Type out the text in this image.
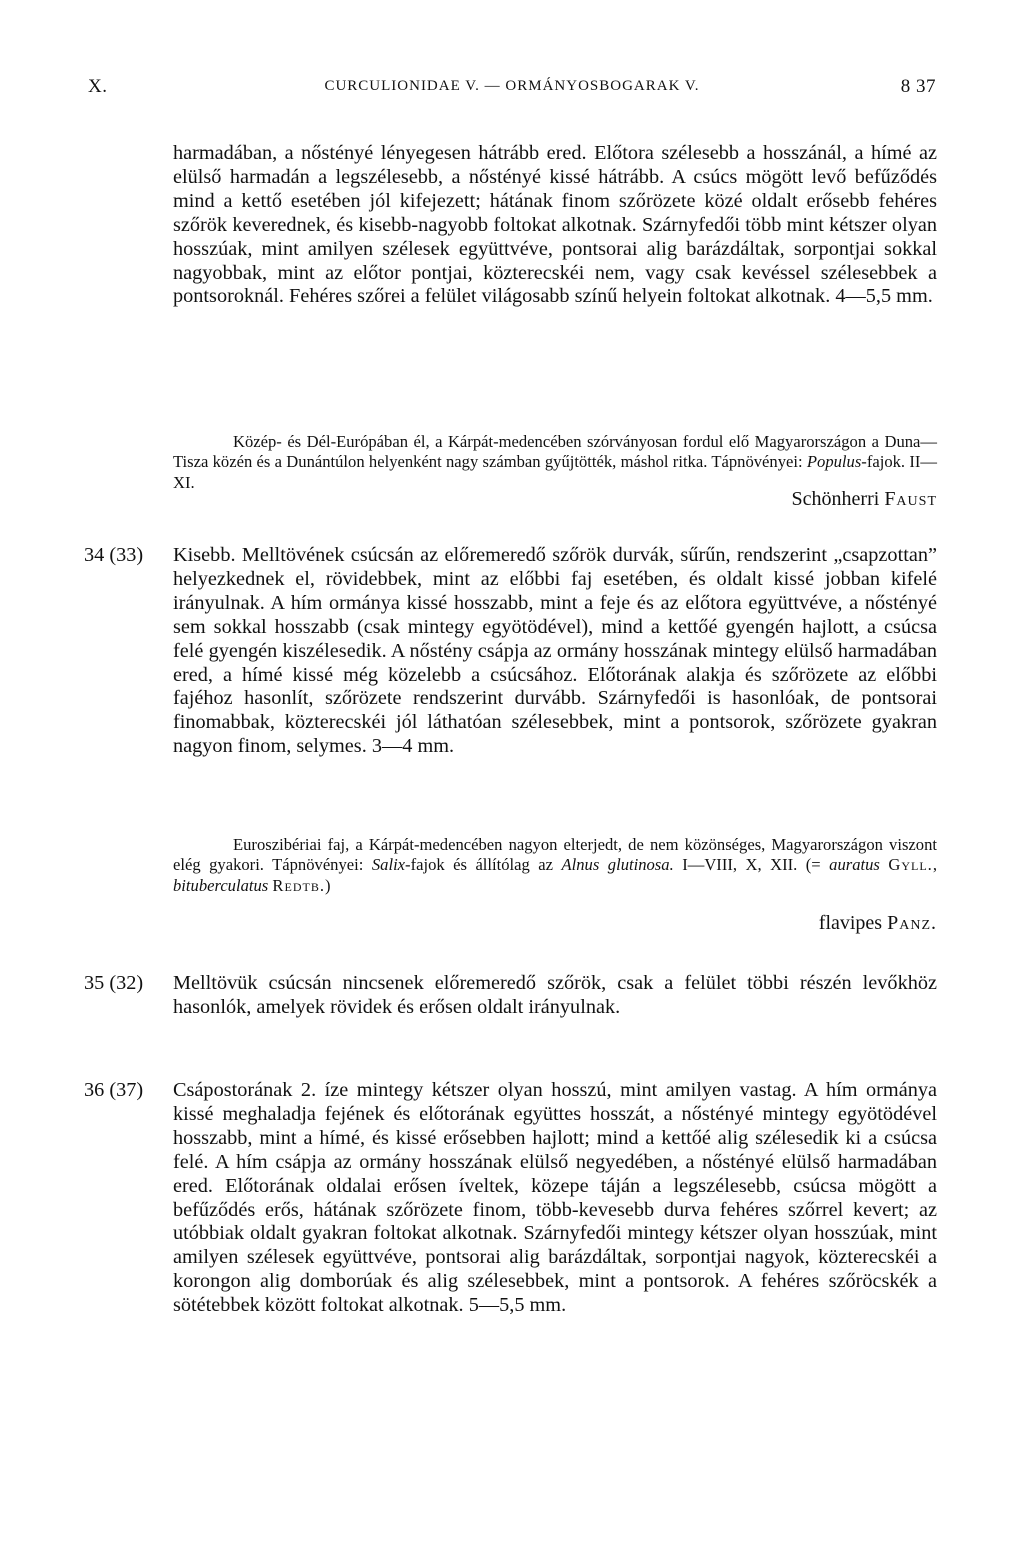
X.	CURCULIONIDAE V. — ORMÁNYOSBOGARAK V.	8 37

harmadában, a nőstényé lényegesen hátrább ered. Előtora szélesebb a hosszánál, a hímé az elülső harmadán a legszélesebb, a nőstényé kissé hátrább. A csúcs mögött levő befűződés mind a kettő esetében jól kifejezett; hátának finom szőrözete közé oldalt erősebb fehéres szőrök keverednek, és kisebb-nagyobb foltokat alkotnak. Szárnyfedői több mint kétszer olyan hosszúak, mint amilyen szélesek együttvéve, pontsorai alig barázdáltak, sorpontjai sokkal nagyobbak, mint az előtor pontjai, közterecskéi nem, vagy csak kevéssel szélesebbek a pontsoroknál. Fehéres szőrei a felület világosabb színű helyein foltokat alkotnak. 4—5,5 mm.

Közép- és Dél-Európában él, a Kárpát-medencében szórványosan fordul elő Magyarországon a Duna—Tisza közén és a Dunántúlon helyenként nagy számban gyűjtötték, máshol ritka. Tápnövényei: Populus-fajok. II—XI.

Schönherri Faust

34 (33) Kisebb. Melltövének csúcsán az előremeredő szőrök durvák, sűrűn, rendszerint „csapzottan” helyezkednek el, rövidebbek, mint az előbbi faj esetében, és oldalt kissé jobban kifelé irányulnak. A hím ormánya kissé hosszabb, mint a feje és az előtora együttvéve, a nőstényé sem sokkal hosszabb (csak mintegy egyötödével), mind a kettőé gyengén hajlott, a csúcsa felé gyengén kiszélesedik. A nőstény csápja az ormány hosszának mintegy elülső harmadában ered, a hímé kissé még közelebb a csúcsához. Előtorának alakja és szőrözete az előbbi fajéhoz hasonlít, szőrözete rendszerint durvább. Szárnyfedői is hasonlóak, de pontsorai finomabbak, közterecskéi jól láthatóan szélesebbek, mint a pontsorok, szőrözete gyakran nagyon finom, selymes. 3—4 mm.

Euroszibériai faj, a Kárpát-medencében nagyon elterjedt, de nem közönséges, Magyarországon viszont elég gyakori. Tápnövényei: Salix-fajok és állítólag az Alnus glutinosa. I—VIII, X, XII. (= auratus Gyll., bituberculatus Redtb.)

flavipes Panz.

35 (32) Melltövük csúcsán nincsenek előremeredő szőrök, csak a felület többi részén levőkhöz hasonlók, amelyek rövidek és erősen oldalt irányulnak.

36 (37) Csápostorának 2. íze mintegy kétszer olyan hosszú, mint amilyen vastag. A hím ormánya kissé meghaladja fejének és előtorának együttes hosszát, a nőstényé mintegy egyötödével hosszabb, mint a hímé, és kissé erősebben hajlott; mind a kettőé alig szélesedik ki a csúcsa felé. A hím csápja az ormány hosszának elülső negyedében, a nőstényé elülső harmadában ered. Előtorának oldalai erősen íveltek, közepe táján a legszélesebb, csúcsa mögött a befűződés erős, hátának szőrözete finom, több-kevesebb durva fehéres szőrrel kevert; az utóbbiak oldalt gyakran foltokat alkotnak. Szárnyfedői mintegy kétszer olyan hosszúak, mint amilyen szélesek együttvéve, pontsorai alig barázdáltak, sorpontjai nagyok, közterecskéi a korongon alig domborúak és alig szélesebbek, mint a pontsorok. A fehéres szőröcskék a sötétebbek között foltokat alkotnak. 5—5,5 mm.
